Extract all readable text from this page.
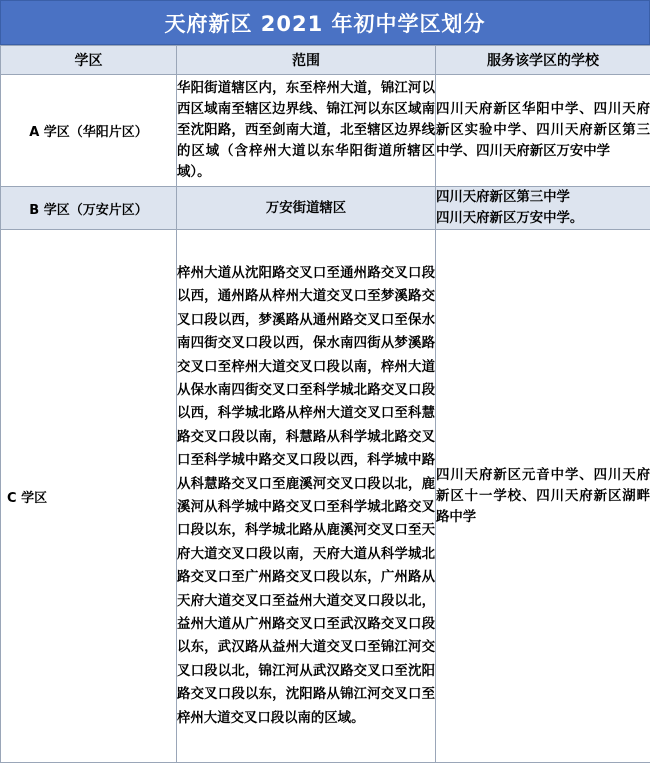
天府新区 2021 年初中学区划分
学区	范围	服务该学区的学校
A 学区（华阳片区）	华阳街道辖区内，东至梓州大道，锦江河以西区域南至辖区边界线、锦江河以东区域南至沈阳路，西至剑南大道，北至辖区边界线的区域（含梓州大道以东华阳街道所辖区域）。	四川天府新区华阳中学、四川天府新区实验中学、四川天府新区第三中学、四川天府新区万安中学
B 学区（万安片区）	万安街道辖区	四川天府新区第三中学
四川天府新区万安中学。

C 学区	梓州大道从沈阳路交叉口至通州路交叉口段以西，通州路从梓州大道交叉口至梦溪路交叉口段以西，梦溪路从通州路交叉口至保水南四街交叉口段以西，保水南四街从梦溪路交叉口至梓州大道交叉口段以南，梓州大道从保水南四街交叉口至科学城北路交叉口段以西，科学城北路从梓州大道交叉口至科慧路交叉口段以南，科慧路从科学城北路交叉口至科学城中路交叉口段以西，科学城中路从科慧路交叉口至鹿溪河交叉口段以北，鹿溪河从科学城中路交叉口至科学城北路交叉口段以东，科学城北路从鹿溪河交叉口至天府大道交叉口段以南，天府大道从科学城北路交叉口至广州路交叉口段以东，广州路从天府大道交叉口至益州大道交叉口段以北，益州大道从广州路交叉口至武汉路交叉口段以东，武汉路从益州大道交叉口至锦江河交叉口段以北，锦江河从武汉路交叉口至沈阳路交叉口段以东，沈阳路从锦江河交叉口至梓州大道交叉口段以南的区域。	四川天府新区元音中学、四川天府新区十一学校、四川天府新区湖畔路中学
